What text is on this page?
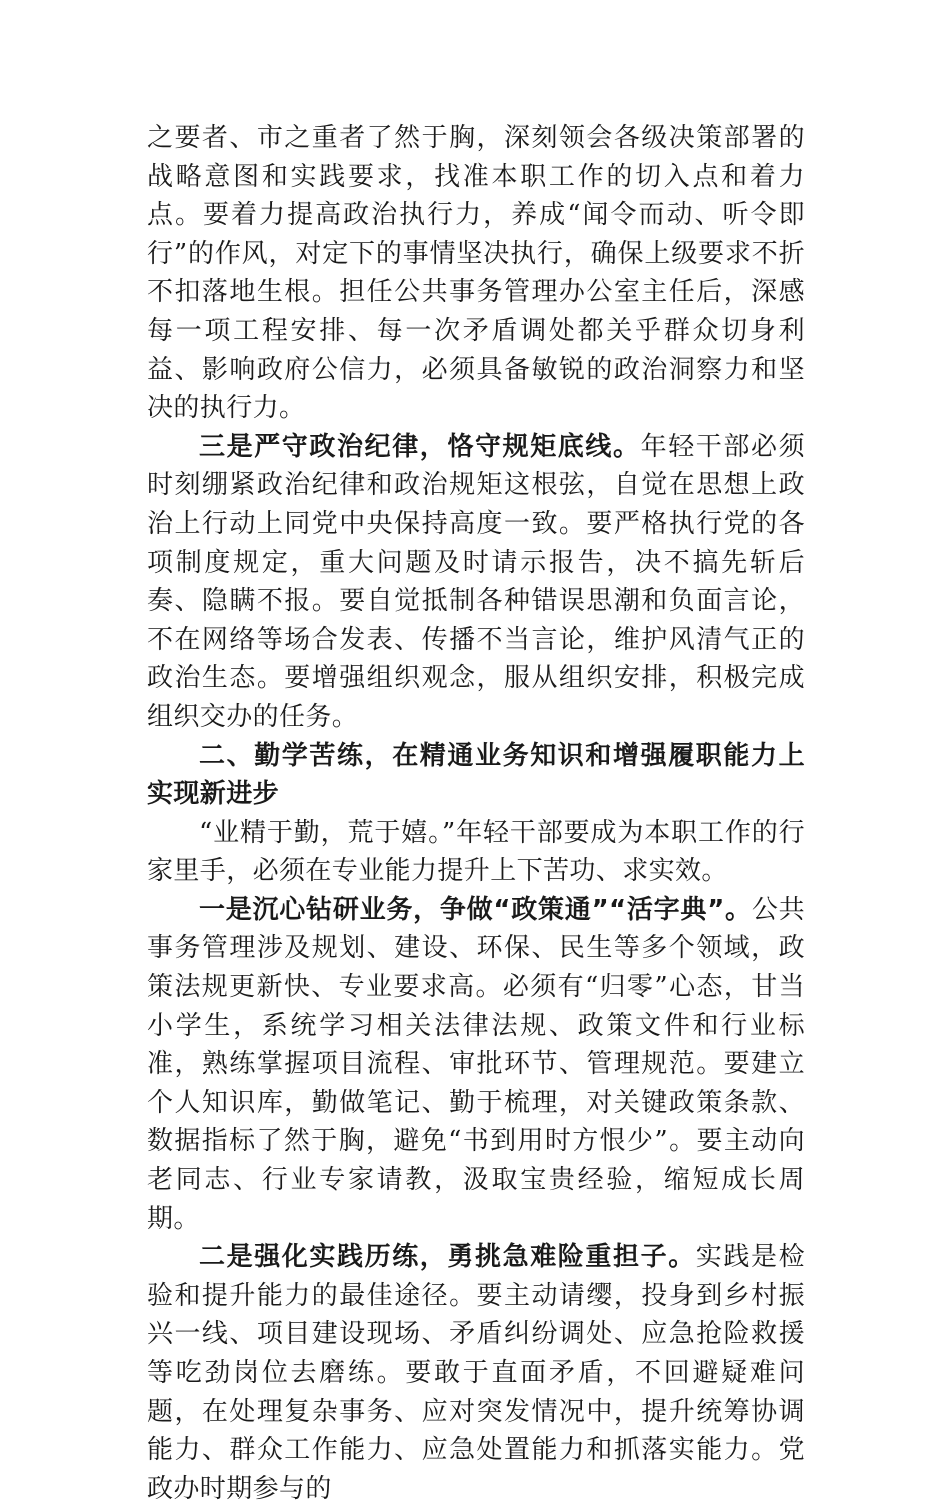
之要者、市之重者了然于胸，深刻领会各级决策部署的战略意图和实践要求，找准本职工作的切入点和着力点。要着力提高政治执行力，养成“闻令而动、听令即行”的作风，对定下的事情坚决执行，确保上级要求不折不扣落地生根。担任公共事务管理办公室主任后，深感每一项工程安排、每一次矛盾调处都关乎群众切身利益、影响政府公信力，必须具备敏锐的政治洞察力和坚决的执行力。

三是严守政治纪律，恪守规矩底线。年轻干部必须时刻绷紧政治纪律和政治规矩这根弦，自觉在思想上政治上行动上同党中央保持高度一致。要严格执行党的各项制度规定，重大问题及时请示报告，决不搞先斩后奏、隐瞒不报。要自觉抵制各种错误思潮和负面言论，不在网络等场合发表、传播不当言论，维护风清气正的政治生态。要增强组织观念，服从组织安排，积极完成组织交办的任务。

二、勤学苦练，在精通业务知识和增强履职能力上实现新进步

“业精于勤，荒于嬉。”年轻干部要成为本职工作的行家里手，必须在专业能力提升上下苦功、求实效。

一是沉心钻研业务，争做“政策通”“活字典”。公共事务管理涉及规划、建设、环保、民生等多个领域，政策法规更新快、专业要求高。必须有“归零”心态，甘当小学生，系统学习相关法律法规、政策文件和行业标准，熟练掌握项目流程、审批环节、管理规范。要建立个人知识库，勤做笔记、勤于梳理，对关键政策条款、数据指标了然于胸，避免“书到用时方恨少”。要主动向老同志、行业专家请教，汲取宝贵经验，缩短成长周期。

二是强化实践历练，勇挑急难险重担子。实践是检验和提升能力的最佳途径。要主动请缨，投身到乡村振兴一线、项目建设现场、矛盾纠纷调处、应急抢险救援等吃劲岗位去磨练。要敢于直面矛盾，不回避疑难问题，在处理复杂事务、应对突发情况中，提升统筹协调能力、群众工作能力、应急处置能力和抓落实能力。党政办时期参与的
